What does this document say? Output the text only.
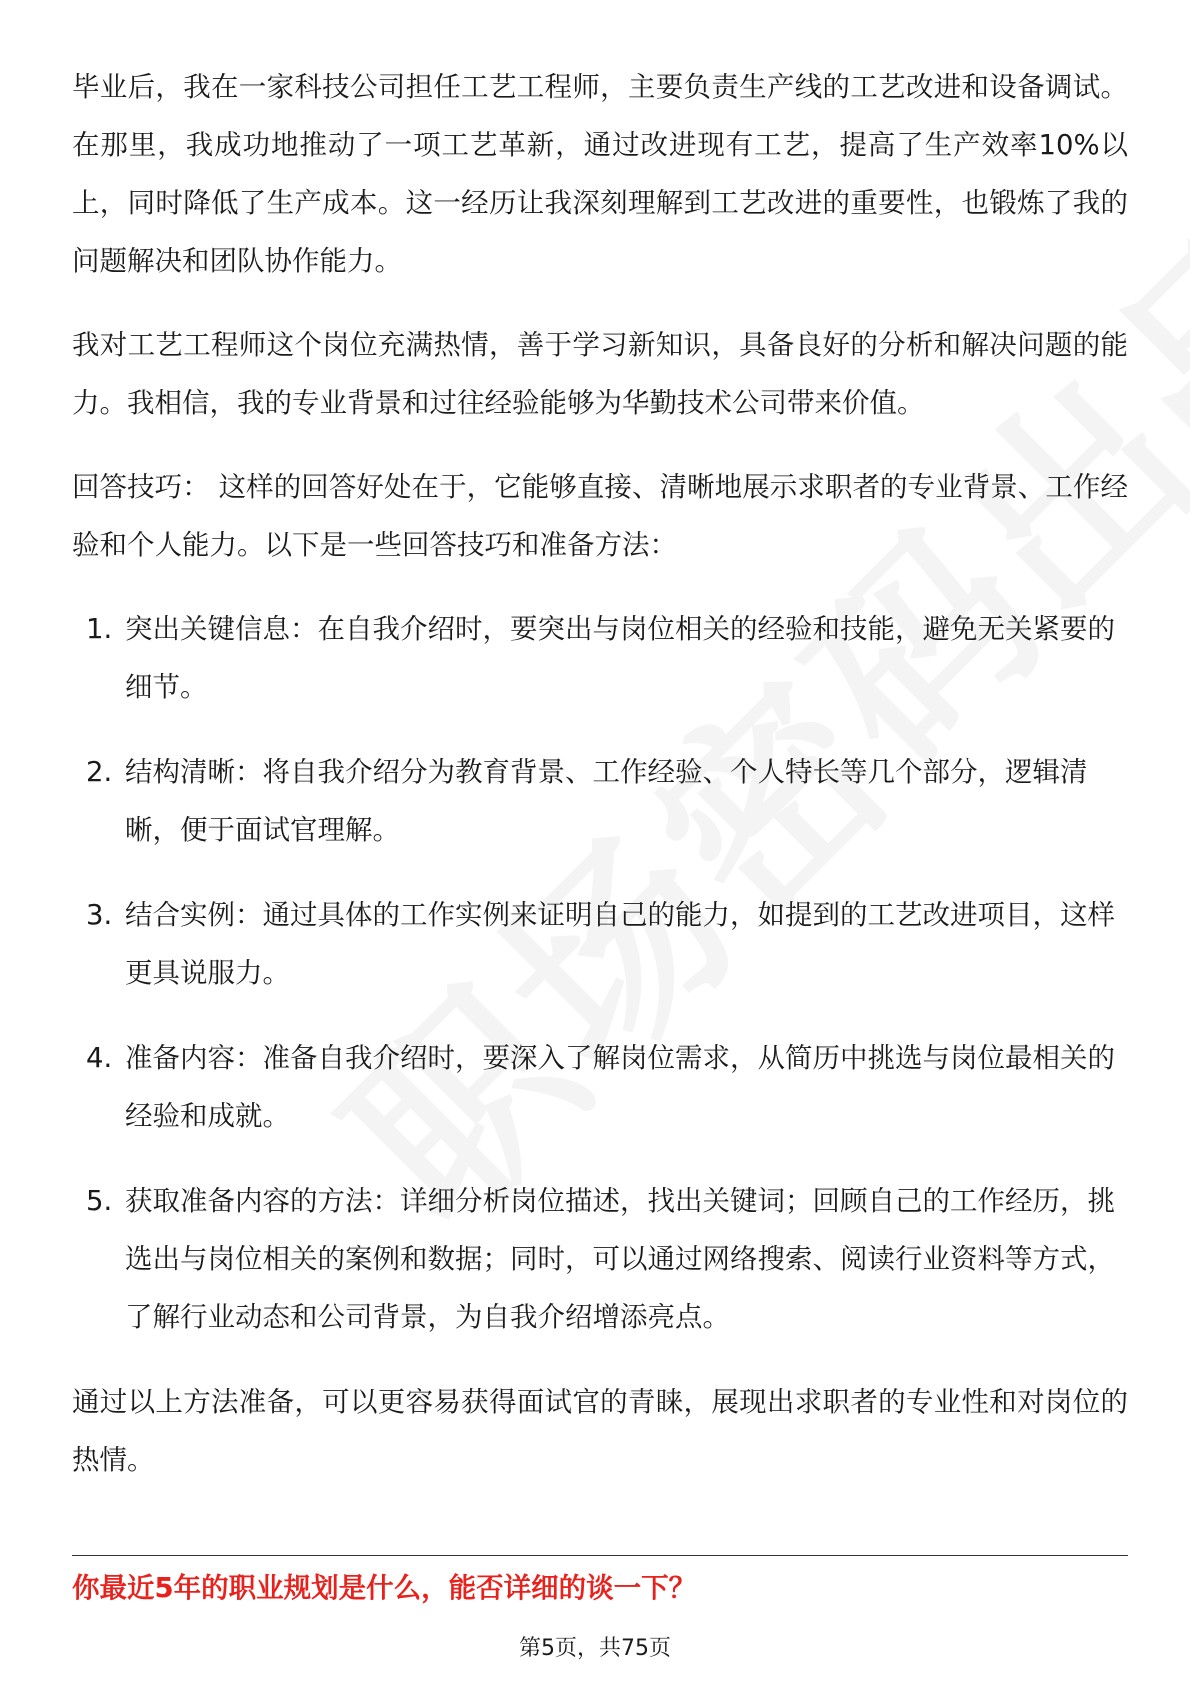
毕业后，我在一家科技公司担任工艺工程师，主要负责生产线的工艺改进和设备调试。在那里，我成功地推动了一项工艺革新，通过改进现有工艺，提高了生产效率10%以上，同时降低了生产成本。这一经历让我深刻理解到工艺改进的重要性，也锻炼了我的问题解决和团队协作能力。

我对工艺工程师这个岗位充满热情，善于学习新知识，具备良好的分析和解决问题的能力。我相信，我的专业背景和过往经验能够为华勤技术公司带来价值。

回答技巧： 这样的回答好处在于，它能够直接、清晰地展示求职者的专业背景、工作经验和个人能力。以下是一些回答技巧和准备方法：

1. 突出关键信息：在自我介绍时，要突出与岗位相关的经验和技能，避免无关紧要的细节。
2. 结构清晰：将自我介绍分为教育背景、工作经验、个人特长等几个部分，逻辑清晰，便于面试官理解。
3. 结合实例：通过具体的工作实例来证明自己的能力，如提到的工艺改进项目，这样更具说服力。
4. 准备内容：准备自我介绍时，要深入了解岗位需求，从简历中挑选与岗位最相关的经验和成就。
5. 获取准备内容的方法：详细分析岗位描述，找出关键词；回顾自己的工作经历，挑选出与岗位相关的案例和数据；同时，可以通过网络搜索、阅读行业资料等方式，了解行业动态和公司背景，为自我介绍增添亮点。

通过以上方法准备，可以更容易获得面试官的青睐，展现出求职者的专业性和对岗位的热情。

你最近5年的职业规划是什么，能否详细的谈一下？
第5页，共75页
